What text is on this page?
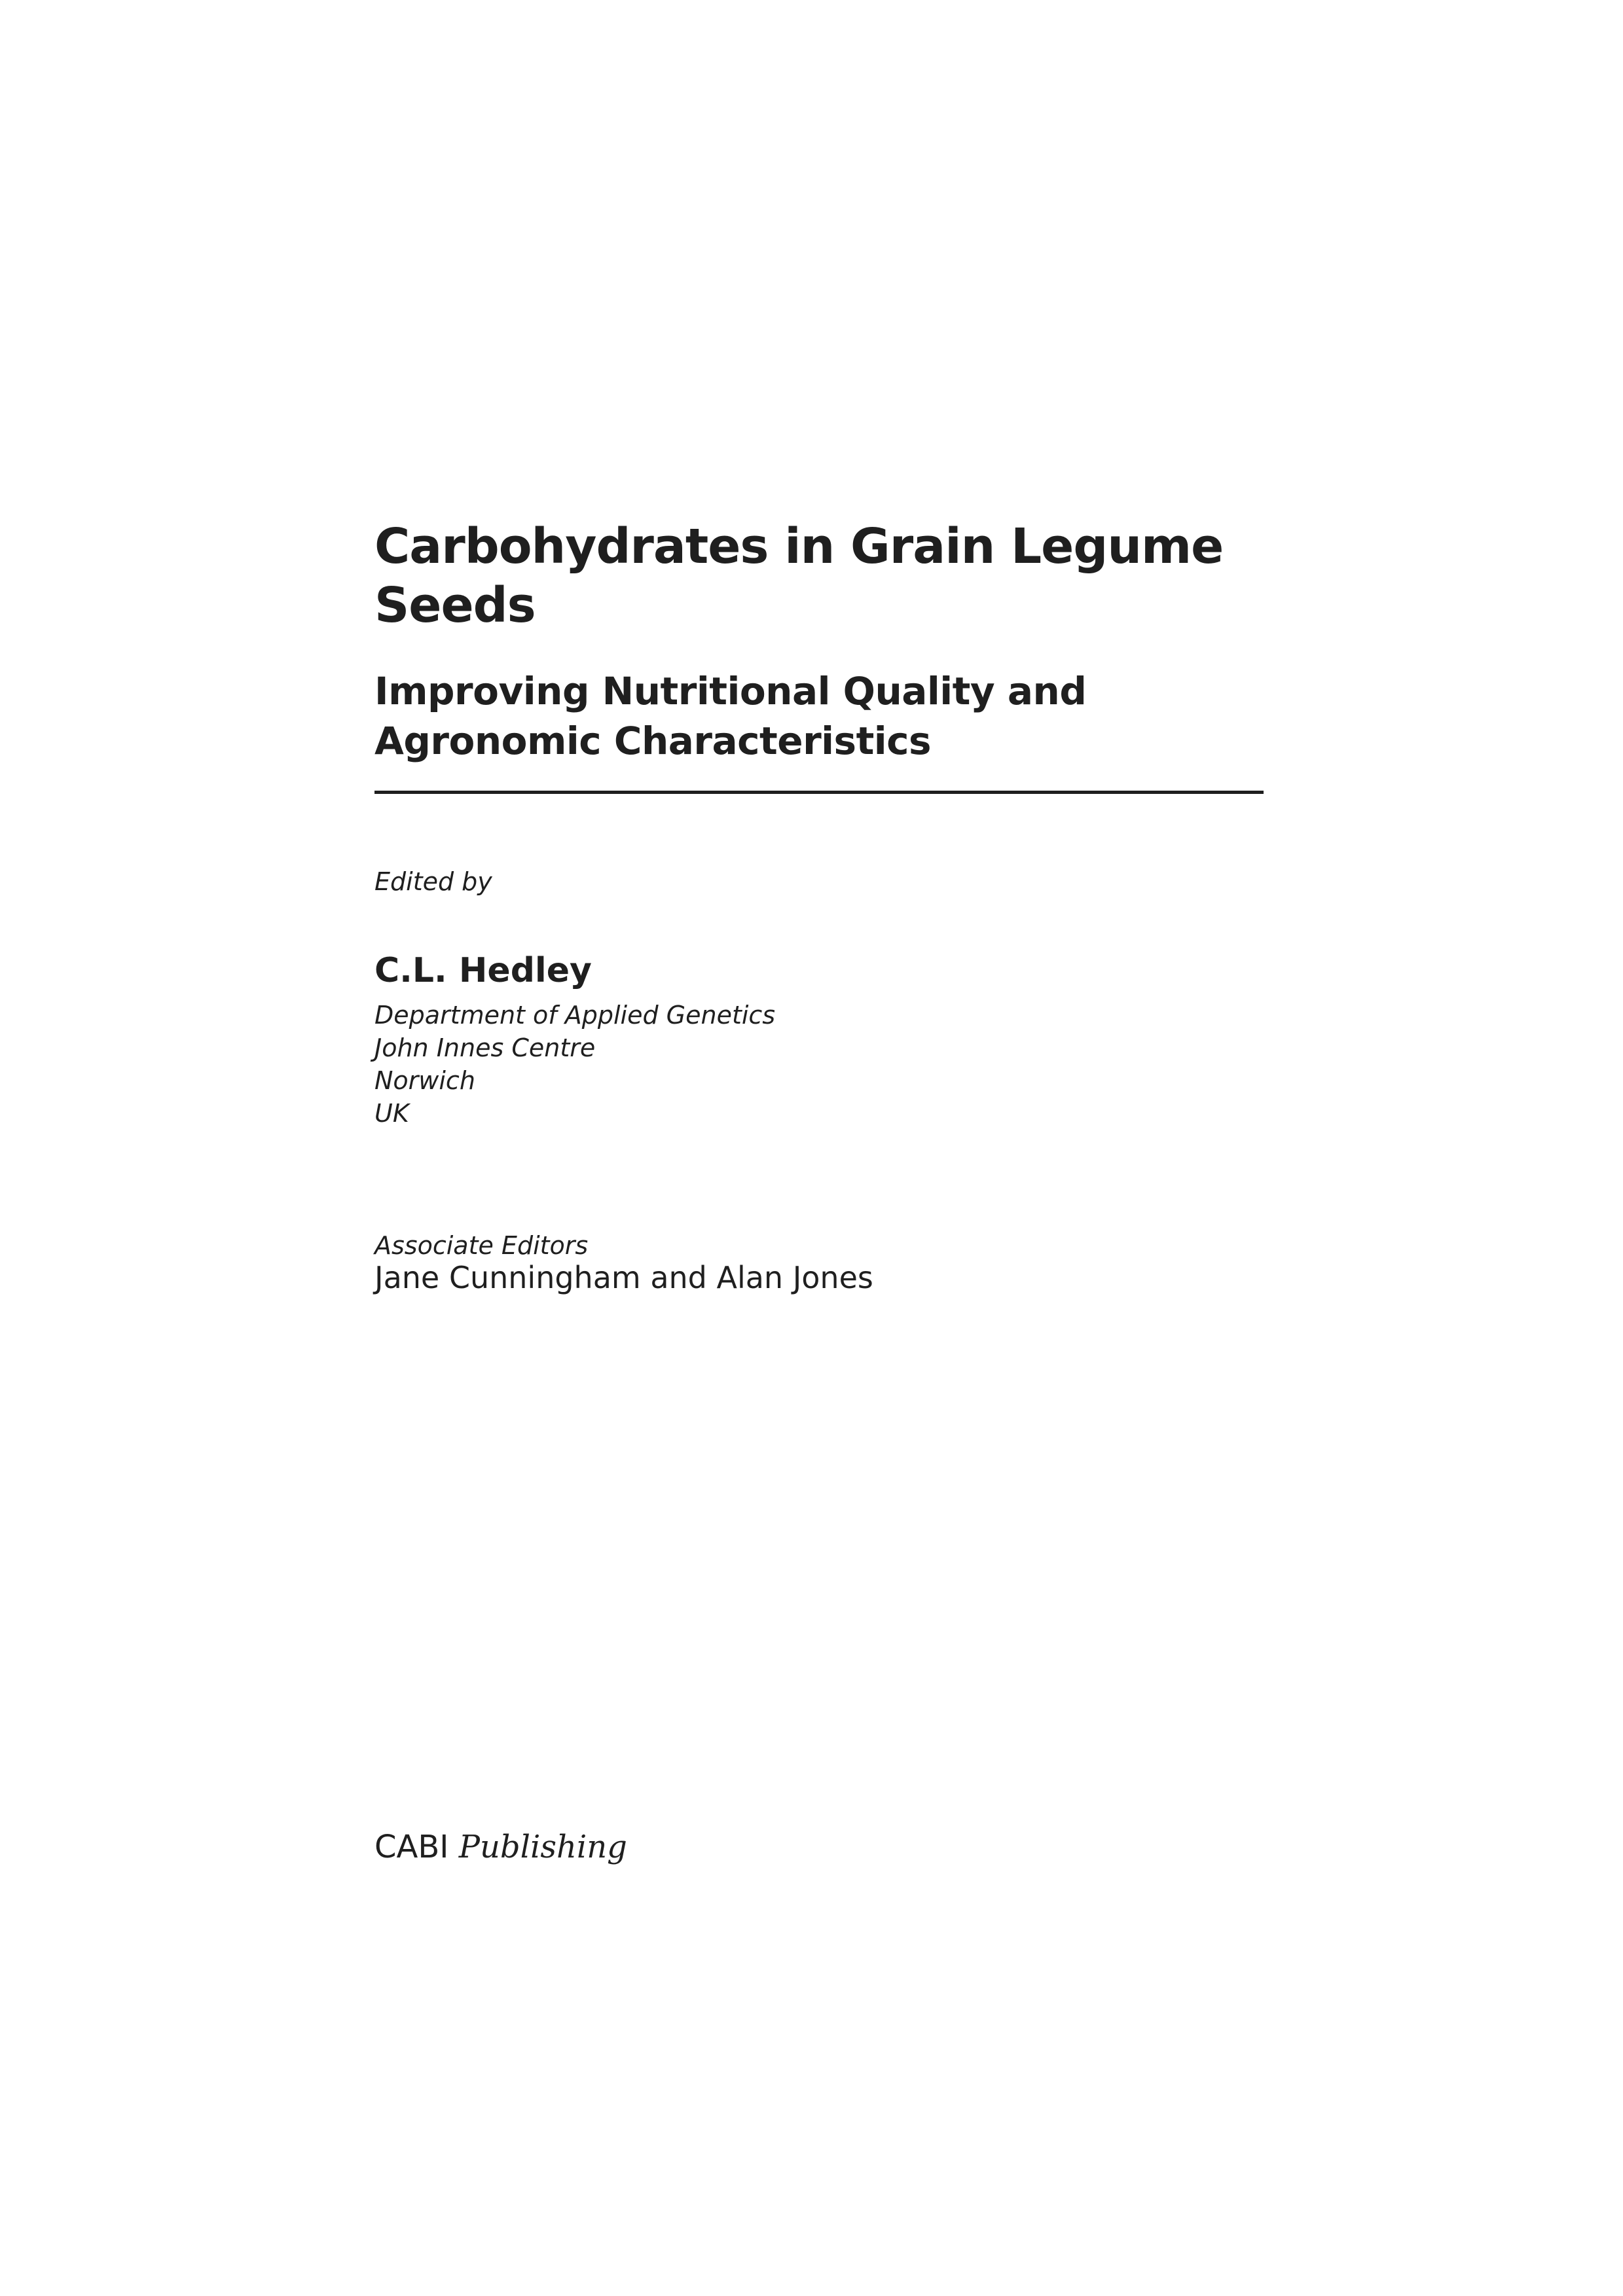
Carbohydrates in Grain Legume Seeds
Improving Nutritional Quality and Agronomic Characteristics
Edited by
C.L. Hedley
Department of Applied Genetics
John Innes Centre
Norwich
UK
Associate Editors
Jane Cunningham and Alan Jones
CABI Publishing
